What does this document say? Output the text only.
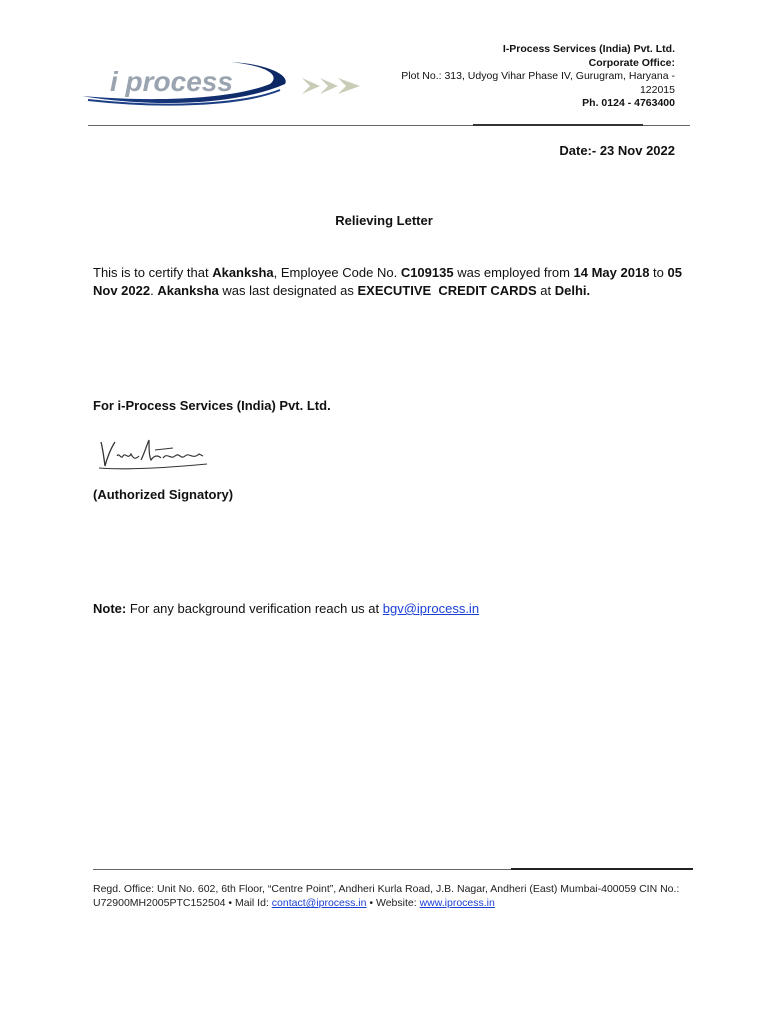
i process
I-Process Services (India) Pvt. Ltd.
Corporate Office:
Plot No.: 313, Udyog Vihar Phase IV, Gurugram, Haryana - 122015
Ph. 0124 - 4763400
Date:- 23 Nov 2022
Relieving Letter
This is to certify that Akanksha, Employee Code No. C109135 was employed from 14 May 2018 to 05 Nov 2022. Akanksha was last designated as EXECUTIVE  CREDIT CARDS at Delhi.
For i-Process Services (India) Pvt. Ltd.
(Authorized Signatory)
Note: For any background verification reach us at bgv@iprocess.in
Regd. Office: Unit No. 602, 6th Floor, “Centre Point”, Andheri Kurla Road, J.B. Nagar, Andheri (East) Mumbai-400059 CIN No.: U72900MH2005PTC152504 • Mail Id: contact@iprocess.in • Website: www.iprocess.in
